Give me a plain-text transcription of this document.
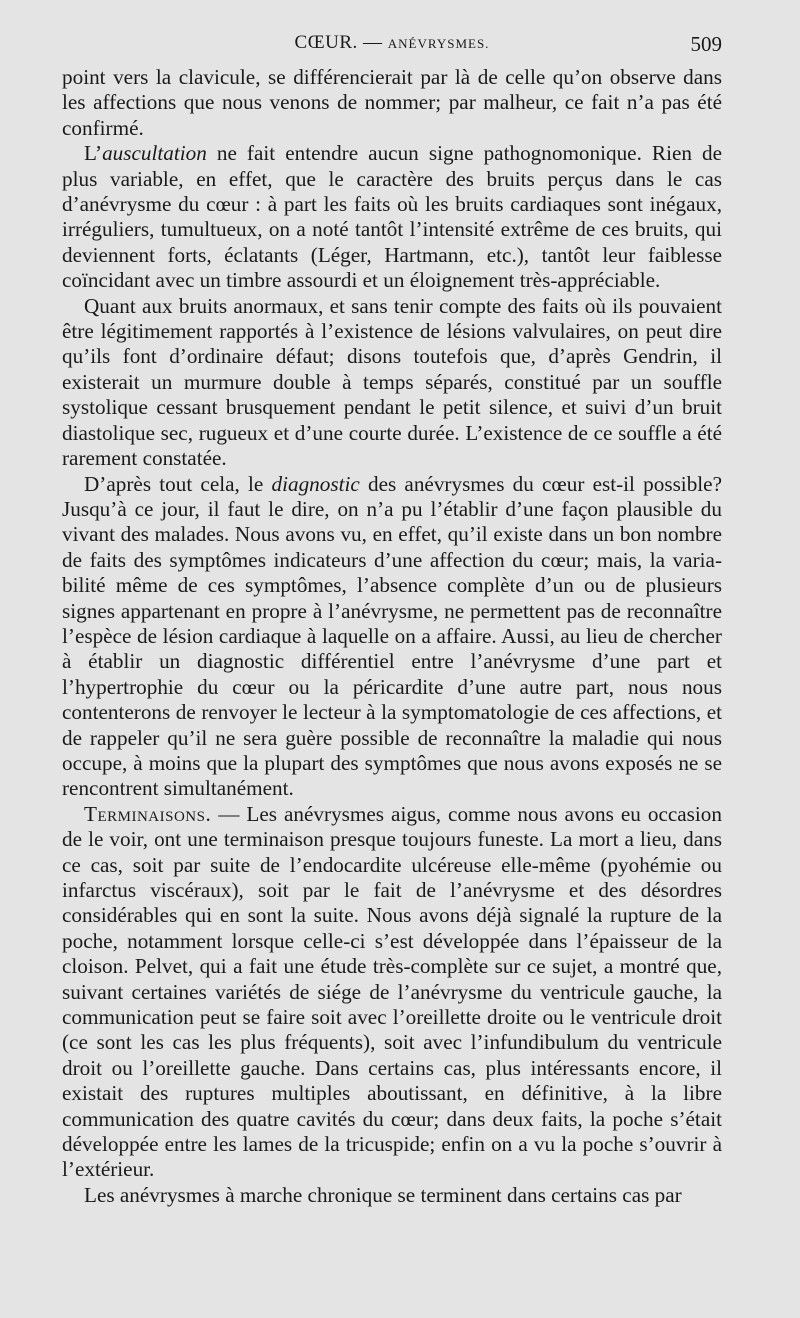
CŒUR. — ANÉVRYSMES.	509

point vers la clavicule, se différencierait par là de celle qu’on observe dans les affections que nous venons de nommer; par malheur, ce fait n’a pas été confirmé.

L’auscultation ne fait entendre aucun signe pathognomonique. Rien de plus variable, en effet, que le caractère des bruits perçus dans le cas d’anévrysme du cœur : à part les faits où les bruits cardiaques sont inégaux, irréguliers, tumultueux, on a noté tantôt l’intensité extrême de ces bruits, qui deviennent forts, éclatants (Léger, Hartmann, etc.), tantôt leur faiblesse coïncidant avec un timbre assourdi et un éloignement très-appréciable.

Quant aux bruits anormaux, et sans tenir compte des faits où ils pouvaient être légitimement rapportés à l’existence de lésions valvulaires, on peut dire qu’ils font d’ordinaire défaut; disons toutefois que, d’après Gendrin, il existerait un murmure double à temps séparés, constitué par un souffle systolique cessant brusquement pendant le petit silence, et suivi d’un bruit diastolique sec, rugueux et d’une courte durée. L’existence de ce souffle a été rarement constatée.

D’après tout cela, le diagnostic des anévrysmes du cœur est-il possible? Jusqu’à ce jour, il faut le dire, on n’a pu l’établir d’une façon plausible du vivant des malades. Nous avons vu, en effet, qu’il existe dans un bon nombre de faits des symptômes indicateurs d’une affection du cœur; mais, la variabilité même de ces symptômes, l’absence complète d’un ou de plusieurs signes appartenant en propre à l’anévrysme, ne permettent pas de reconnaître l’espèce de lésion cardiaque à laquelle on a affaire. Aussi, au lieu de chercher à établir un diagnostic différentiel entre l’anévrysme d’une part et l’hypertrophie du cœur ou la péricardite d’une autre part, nous nous contenterons de renvoyer le lecteur à la symptomatologie de ces affections, et de rappeler qu’il ne sera guère possible de reconnaître la maladie qui nous occupe, à moins que la plupart des symptômes que nous avons exposés ne se rencontrent simultanément.

Terminaisons. — Les anévrysmes aigus, comme nous avons eu occasion de le voir, ont une terminaison presque toujours funeste. La mort a lieu, dans ce cas, soit par suite de l’endocardite ulcéreuse elle-même (pyohémie ou infarctus viscéraux), soit par le fait de l’anévrysme et des désordres considérables qui en sont la suite. Nous avons déjà signalé la rupture de la poche, notamment lorsque celle-ci s’est développée dans l’épaisseur de la cloison. Pelvet, qui a fait une étude très-complète sur ce sujet, a montré que, suivant certaines variétés de siége de l’anévrysme du ventricule gauche, la communication peut se faire soit avec l’oreillette droite ou le ventricule droit (ce sont les cas les plus fréquents), soit avec l’infundibulum du ventricule droit ou l’oreillette gauche. Dans certains cas, plus intéressants encore, il existait des ruptures multiples aboutissant, en définitive, à la libre communication des quatre cavités du cœur; dans deux faits, la poche s’était développée entre les lames de la tricuspide; enfin on a vu la poche s’ouvrir à l’extérieur.

Les anévrysmes à marche chronique se terminent dans certains cas par
